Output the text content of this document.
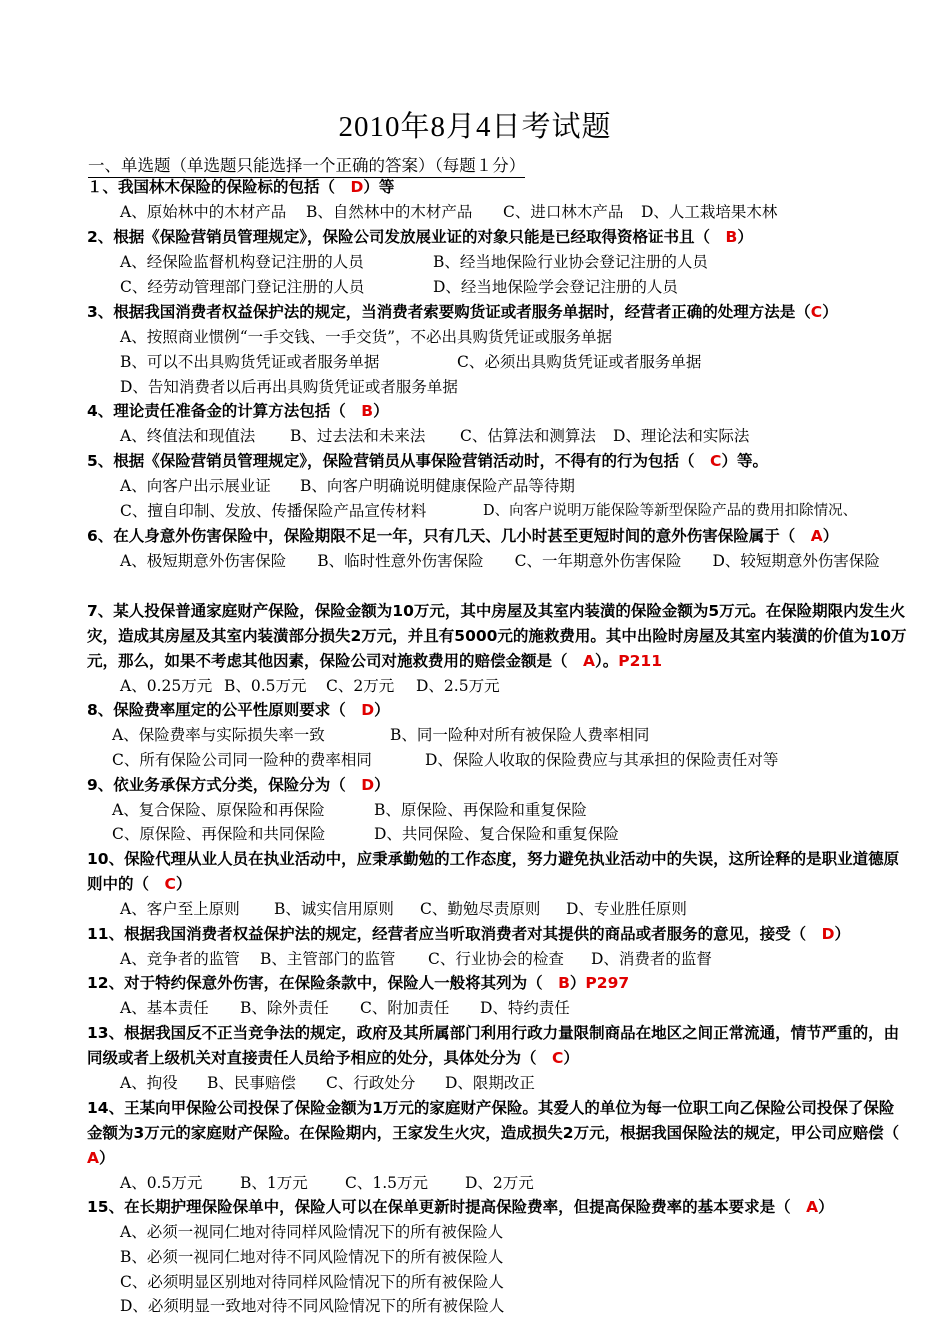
2010年8月4日考试题
一、单选题（单选题只能选择一个正确的答案）（每题１分）
１、我国林木保险的保险标的包括（　D）等
A、原始林中的木材产品 B、自然林中的木材产品 C、进口林木产品 D、人工栽培果木林
2、根据《保险营销员管理规定》，保险公司发放展业证的对象只能是已经取得资格证书且（　B）
A、经保险监督机构登记注册的人员	B、经当地保险行业协会登记注册的人员
C、经劳动管理部门登记注册的人员	D、经当地保险学会登记注册的人员
3、根据我国消费者权益保护法的规定，当消费者索要购货证或者服务单据时，经营者正确的处理方法是（C）
A、按照商业惯例“一手交钱、一手交货”，不必出具购货凭证或服务单据
B、可以不出具购货凭证或者服务单据	C、必须出具购货凭证或者服务单据
D、告知消费者以后再出具购货凭证或者服务单据
4、理论责任准备金的计算方法包括（　B）
A、终值法和现值法 B、过去法和未来法 C、估算法和测算法 D、理论法和实际法
5、根据《保险营销员管理规定》，保险营销员从事保险营销活动时，不得有的行为包括（　C）等。
A、向客户出示展业证 B、向客户明确说明健康保险产品等待期
C、擅自印制、发放、传播保险产品宣传材料	D、向客户说明万能保险等新型保险产品的费用扣除情况、
6、在人身意外伤害保险中，保险期限不足一年，只有几天、几小时甚至更短时间的意外伤害保险属于（　A）
A、极短期意外伤害保险　　B、临时性意外伤害保险　　C、一年期意外伤害保险　　D、较短期意外伤害保险
7、某人投保普通家庭财产保险，保险金额为10万元，其中房屋及其室内装潢的保险金额为5万元。在保险期限内发生火灾，造成其房屋及其室内装潢部分损失2万元，并且有5000元的施救费用。其中出险时房屋及其室内装潢的价值为10万元，那么，如果不考虑其他因素，保险公司对施救费用的赔偿金额是（　A）。P211
A、0.25万元 B、0.5万元 C、2万元 D、2.5万元
8、保险费率厘定的公平性原则要求（　D）
A、保险费率与实际损失率一致	B、同一险种对所有被保险人费率相同
C、所有保险公司同一险种的费率相同	D、保险人收取的保险费应与其承担的保险责任对等
9、依业务承保方式分类，保险分为（　D）
A、复合保险、原保险和再保险	B、原保险、再保险和重复保险
C、原保险、再保险和共同保险	D、共同保险、复合保险和重复保险
10、保险代理从业人员在执业活动中，应秉承勤勉的工作态度，努力避免执业活动中的失误，这所诠释的是职业道德原则中的（　C）
A、客户至上原则 B、诚实信用原则 C、勤勉尽责原则 D、专业胜任原则
11、根据我国消费者权益保护法的规定，经营者应当听取消费者对其提供的商品或者服务的意见，接受（　D）
A、竞争者的监管 B、主管部门的监管 C、行业协会的检查 D、消费者的监督
12、对于特约保意外伤害，在保险条款中，保险人一般将其列为（　B）P297
A、基本责任 B、除外责任 C、附加责任 D、特约责任
13、根据我国反不正当竞争法的规定，政府及其所属部门利用行政力量限制商品在地区之间正常流通，情节严重的，由同级或者上级机关对直接责任人员给予相应的处分，具体处分为（　C）
A、拘役 B、民事赔偿 C、行政处分 D、限期改正
14、王某向甲保险公司投保了保险金额为1万元的家庭财产保险。其爱人的单位为每一位职工向乙保险公司投保了保险金额为3万元的家庭财产保险。在保险期内，王家发生火灾，造成损失2万元，根据我国保险法的规定，甲公司应赔偿（　A）
A、0.5万元 B、1万元 C、1.5万元 D、2万元
15、在长期护理保险保单中，保险人可以在保单更新时提高保险费率，但提高保险费率的基本要求是（　A）
A、必须一视同仁地对待同样风险情况下的所有被保险人
B、必须一视同仁地对待不同风险情况下的所有被保险人
C、必须明显区别地对待同样风险情况下的所有被保险人
D、必须明显一致地对待不同风险情况下的所有被保险人
